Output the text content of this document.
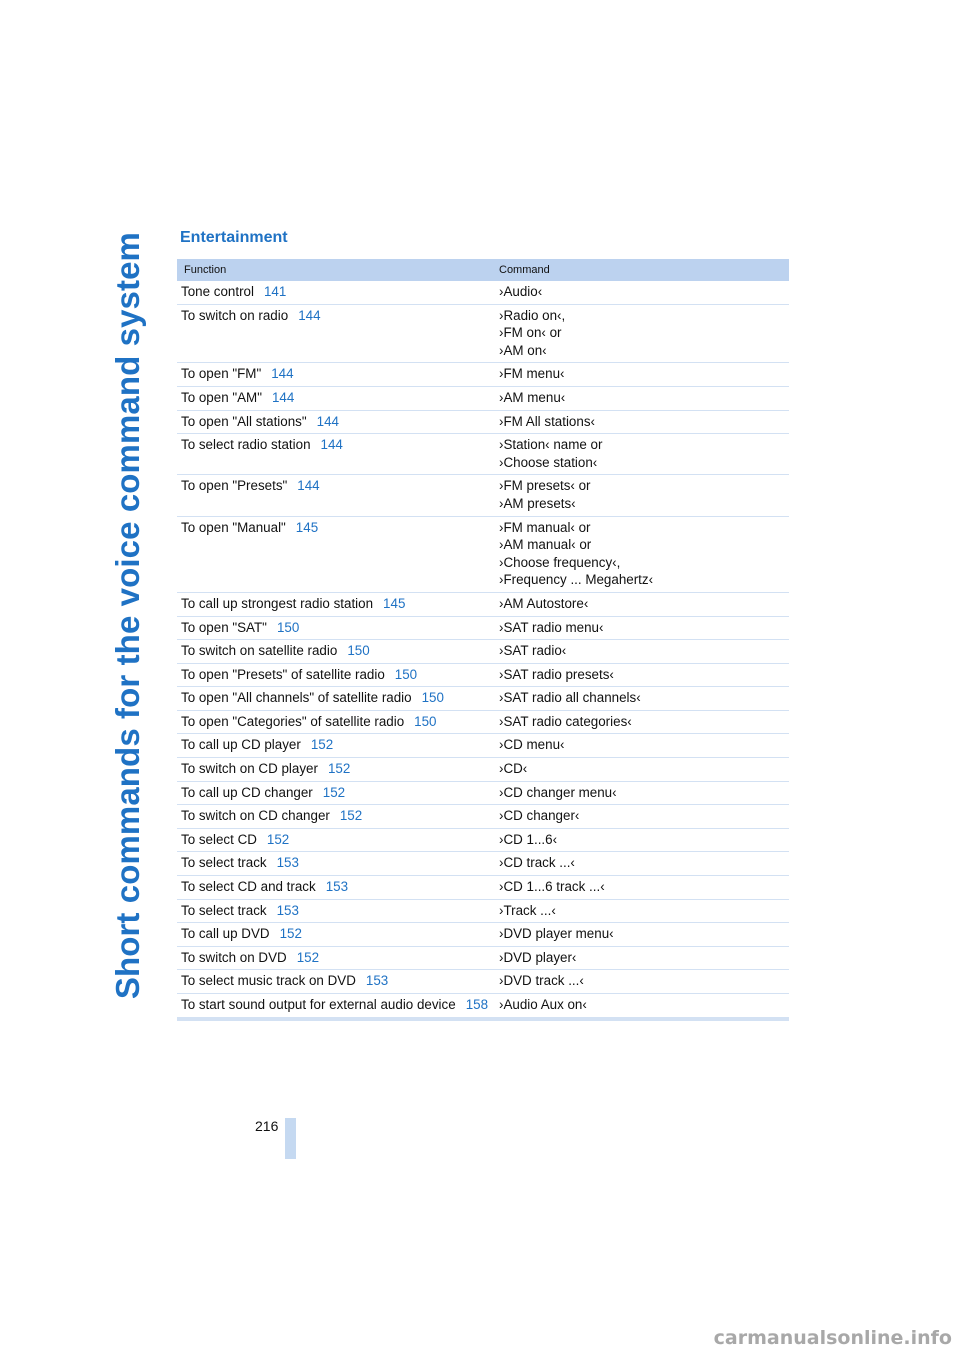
Short commands for the voice command system	Entertainment
Function	Command
Tone control 141	›Audio‹
To switch on radio 144	›Radio on‹,
›FM on‹ or
›AM on‹
To open "FM" 144	›FM menu‹
To open "AM" 144	›AM menu‹
To open "All stations" 144	›FM All stations‹
To select radio station 144	›Station‹ name or
›Choose station‹
To open "Presets" 144	›FM presets‹ or
›AM presets‹
To open "Manual" 145	›FM manual‹ or
›AM manual‹ or
›Choose frequency‹,
›Frequency ... Megahertz‹
To call up strongest radio station 145	›AM Autostore‹
To open "SAT" 150	›SAT radio menu‹
To switch on satellite radio 150	›SAT radio‹
To open "Presets" of satellite radio 150	›SAT radio presets‹
To open "All channels" of satellite radio 150	›SAT radio all channels‹
To open "Categories" of satellite radio 150	›SAT radio categories‹
To call up CD player 152	›CD menu‹
To switch on CD player 152	›CD‹
To call up CD changer 152	›CD changer menu‹
To switch on CD changer 152	›CD changer‹
To select CD 152	›CD 1...6‹
To select track 153	›CD track ...‹
To select CD and track 153	›CD 1...6 track ...‹
To select track 153	›Track ...‹
To call up DVD 152	›DVD player menu‹
To switch on DVD 152	›DVD player‹
To select music track on DVD 153	›DVD track ...‹
To start sound output for external audio device 158 ›Audio Aux on‹
216
carmanualsonline.info
